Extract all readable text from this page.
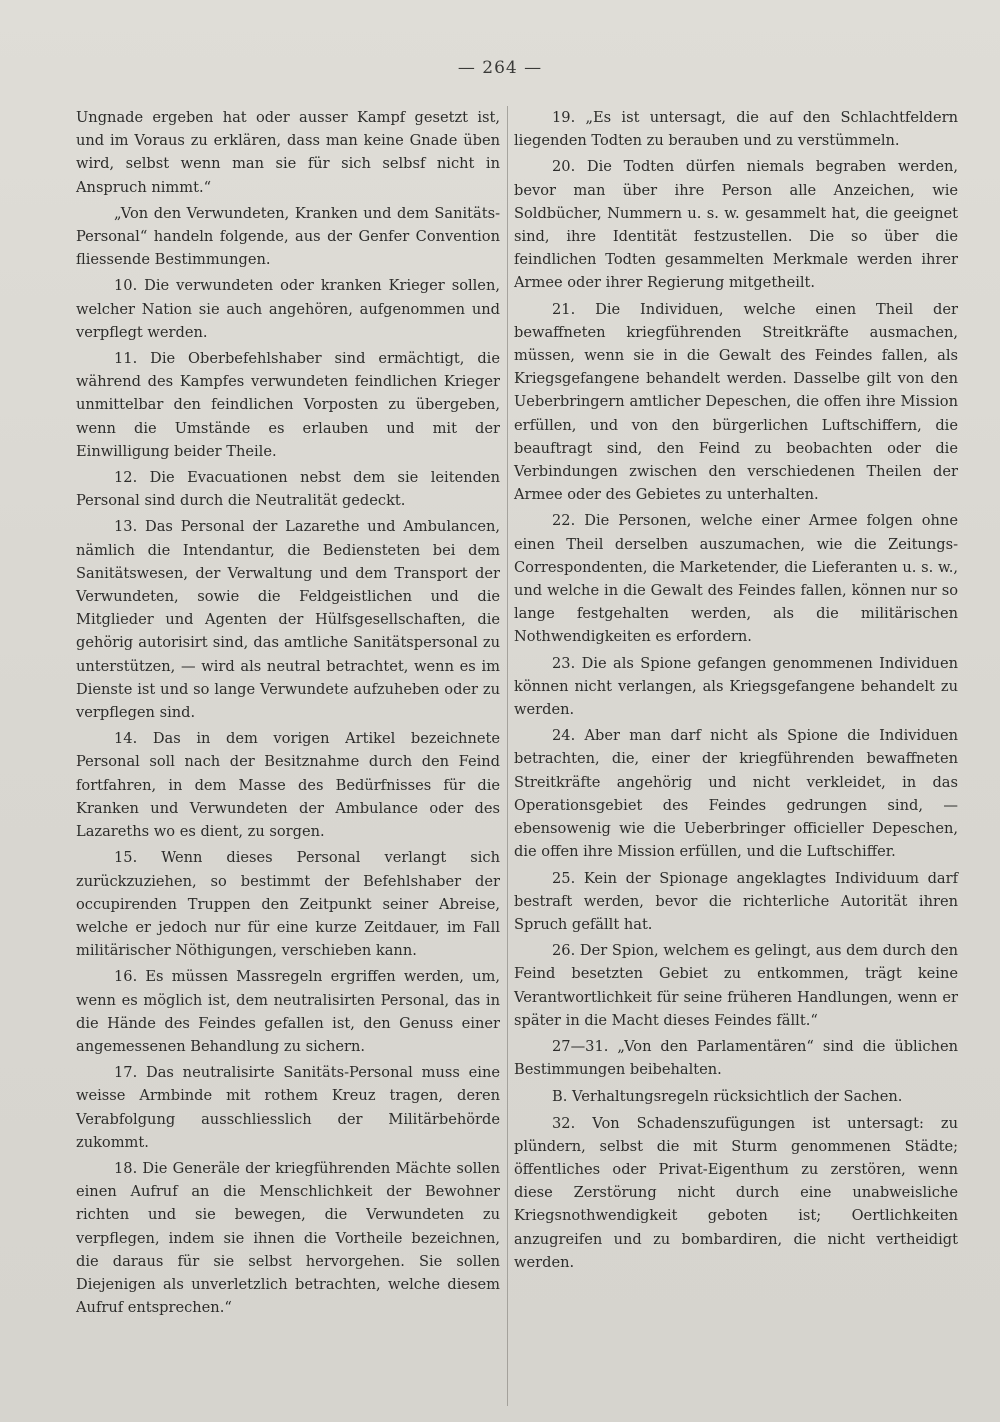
— 264 —

Ungnade ergeben hat oder ausser Kampf gesetzt ist, und im Voraus zu erklären, dass man keine Gnade üben wird, selbst wenn man sie für sich selbsf nicht in Anspruch nimmt.“

„Von den Verwundeten, Kranken und dem Sanitäts-Personal“ handeln folgende, aus der Genfer Convention fliessende Bestimmungen.

10. Die verwundeten oder kranken Krieger sollen, welcher Nation sie auch angehören, aufgenommen und verpflegt werden.

11. Die Oberbefehlshaber sind ermächtigt, die während des Kampfes verwundeten feindlichen Krieger unmittelbar den feindlichen Vorposten zu übergeben, wenn die Umstände es erlauben und mit der Einwilligung beider Theile.

12. Die Evacuationen nebst dem sie leitenden Personal sind durch die Neutralität gedeckt.

13. Das Personal der Lazarethe und Ambulancen, nämlich die Intendantur, die Bediensteten bei dem Sanitätswesen, der Verwaltung und dem Transport der Verwundeten, sowie die Feldgeistlichen und die Mitglieder und Agenten der Hülfsgesellschaften, die gehörig autorisirt sind, das amtliche Sanitätspersonal zu unterstützen, — wird als neutral betrachtet, wenn es im Dienste ist und so lange Verwundete aufzuheben oder zu verpflegen sind.

14. Das in dem vorigen Artikel bezeichnete Personal soll nach der Besitznahme durch den Feind fortfahren, in dem Masse des Bedürfnisses für die Kranken und Verwundeten der Ambulance oder des Lazareths wo es dient, zu sorgen.

15. Wenn dieses Personal verlangt sich zurückzuziehen, so bestimmt der Befehlshaber der occupirenden Truppen den Zeitpunkt seiner Abreise, welche er jedoch nur für eine kurze Zeitdauer, im Fall militärischer Nöthigungen, verschieben kann.

16. Es müssen Massregeln ergriffen werden, um, wenn es möglich ist, dem neutralisirten Personal, das in die Hände des Feindes gefallen ist, den Genuss einer angemessenen Behandlung zu sichern.

17. Das neutralisirte Sanitäts-Personal muss eine weisse Armbinde mit rothem Kreuz tragen, deren Verabfolgung ausschliesslich der Militärbehörde zukommt.

18. Die Generäle der kriegführenden Mächte sollen einen Aufruf an die Menschlichkeit der Bewohner richten und sie bewegen, die Verwundeten zu verpflegen, indem sie ihnen die Vortheile bezeichnen, die daraus für sie selbst hervorgehen. Sie sollen Diejenigen als unverletzlich betrachten, welche diesem Aufruf entsprechen.“

19. „Es ist untersagt, die auf den Schlachtfeldern liegenden Todten zu berauben und zu verstümmeln.

20. Die Todten dürfen niemals begraben werden, bevor man über ihre Person alle Anzeichen, wie Soldbücher, Nummern u. s. w. gesammelt hat, die geeignet sind, ihre Identität festzustellen. Die so über die feindlichen Todten gesammelten Merkmale werden ihrer Armee oder ihrer Regierung mitgetheilt.

21. Die Individuen, welche einen Theil der bewaffneten kriegführenden Streitkräfte ausmachen, müssen, wenn sie in die Gewalt des Feindes fallen, als Kriegsgefangene behandelt werden. Dasselbe gilt von den Ueberbringern amtlicher Depeschen, die offen ihre Mission erfüllen, und von den bürgerlichen Luftschiffern, die beauftragt sind, den Feind zu beobachten oder die Verbindungen zwischen den verschiedenen Theilen der Armee oder des Gebietes zu unterhalten.

22. Die Personen, welche einer Armee folgen ohne einen Theil derselben auszumachen, wie die Zeitungs-Correspondenten, die Marketender, die Lieferanten u. s. w., und welche in die Gewalt des Feindes fallen, können nur so lange festgehalten werden, als die militärischen Nothwendigkeiten es erfordern.

23. Die als Spione gefangen genommenen Individuen können nicht verlangen, als Kriegsgefangene behandelt zu werden.

24. Aber man darf nicht als Spione die Individuen betrachten, die, einer der kriegführenden bewaffneten Streitkräfte angehörig und nicht verkleidet, in das Operationsgebiet des Feindes gedrungen sind, — ebensowenig wie die Ueberbringer officieller Depeschen, die offen ihre Mission erfüllen, und die Luftschiffer.

25. Kein der Spionage angeklagtes Individuum darf bestraft werden, bevor die richterliche Autorität ihren Spruch gefällt hat.

26. Der Spion, welchem es gelingt, aus dem durch den Feind besetzten Gebiet zu entkommen, trägt keine Verantwortlichkeit für seine früheren Handlungen, wenn er später in die Macht dieses Feindes fällt.“

27—31. „Von den Parlamentären“ sind die üblichen Bestimmungen beibehalten.

B. Verhaltungsregeln rücksichtlich der Sachen.

32. Von Schadenszufügungen ist untersagt: zu plündern, selbst die mit Sturm genommenen Städte; öffentliches oder Privat-Eigenthum zu zerstören, wenn diese Zerstörung nicht durch eine unabweisliche Kriegsnothwendigkeit geboten ist; Oertlichkeiten anzugreifen und zu bombardiren, die nicht vertheidigt werden.
